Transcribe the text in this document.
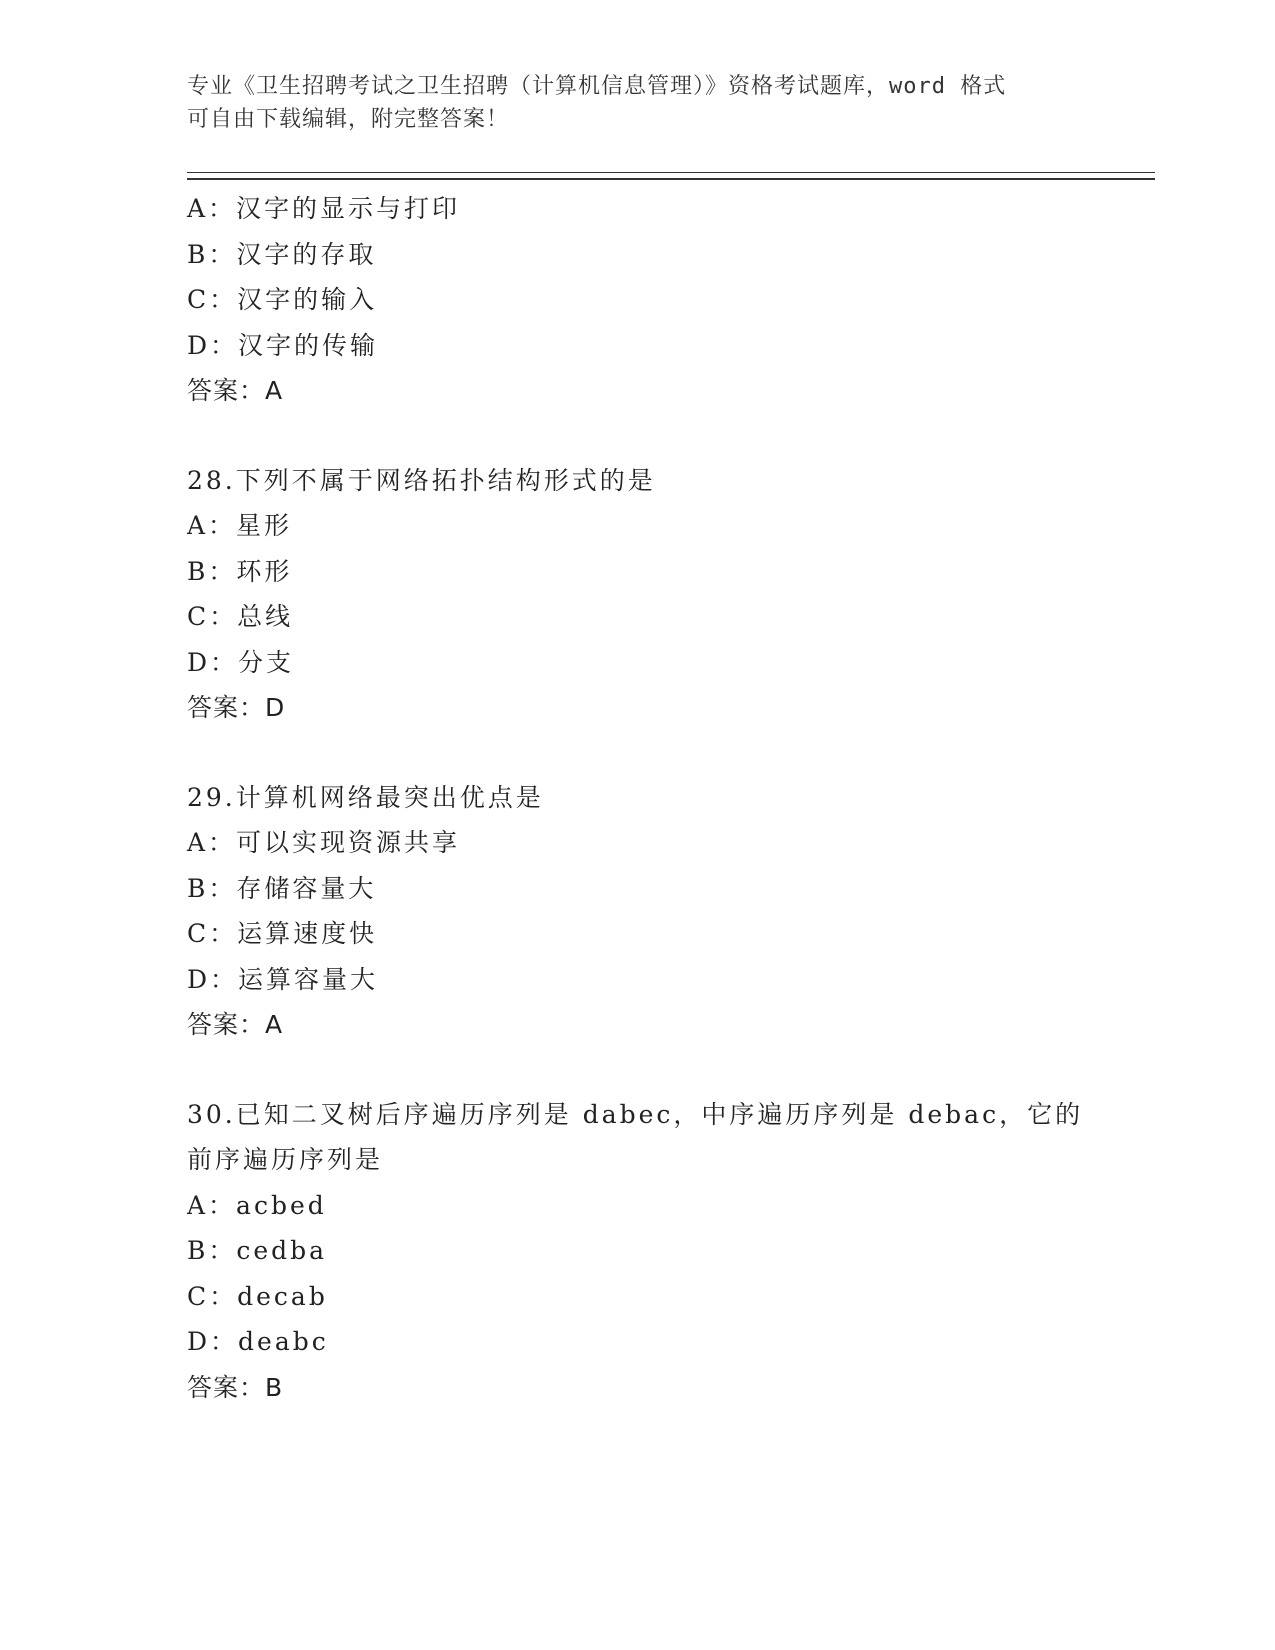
专业《卫生招聘考试之卫生招聘（计算机信息管理）》资格考试题库，word 格式
可自由下载编辑，附完整答案！
A：汉字的显示与打印
B：汉字的存取
C：汉字的输入
D：汉字的传输
答案：A
28.下列不属于网络拓扑结构形式的是
A：星形
B：环形
C：总线
D：分支
答案：D
29.计算机网络最突出优点是
A：可以实现资源共享
B：存储容量大
C：运算速度快
D：运算容量大
答案：A
30.已知二叉树后序遍历序列是 dabec，中序遍历序列是 debac，它的
前序遍历序列是
A：acbed
B：cedba
C：decab
D：deabc
答案：B
